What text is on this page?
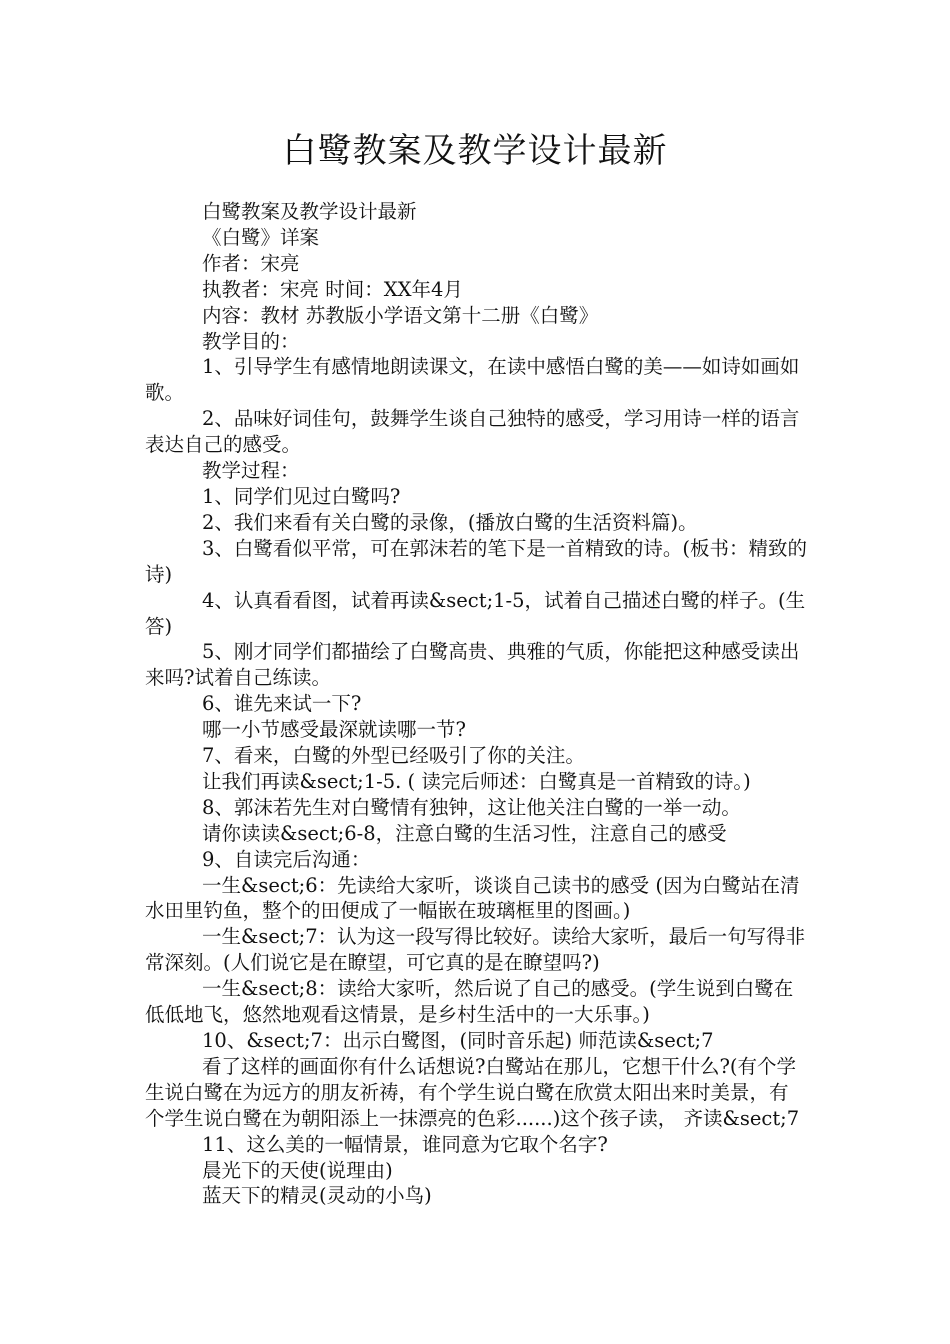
白鹭教案及教学设计最新

白鹭教案及教学设计最新

《白鹭》详案

作者：宋亮

执教者：宋亮 时间：XX年4月

内容：教材 苏教版小学语文第十二册《白鹭》

教学目的：

1、引导学生有感情地朗读课文，在读中感悟白鹭的美——如诗如画如歌。

2、品味好词佳句，鼓舞学生谈自己独特的感受，学习用诗一样的语言表达自己的感受。

教学过程：

1、同学们见过白鹭吗?

2、我们来看有关白鹭的录像，(播放白鹭的生活资料篇)。

3、白鹭看似平常，可在郭沫若的笔下是一首精致的诗。(板书：精致的诗)

4、认真看看图，试着再读&sect;1-5，试着自己描述白鹭的样子。(生答)

5、刚才同学们都描绘了白鹭高贵、典雅的气质，你能把这种感受读出来吗?试着自己练读。

6、谁先来试一下?

哪一小节感受最深就读哪一节?

7、看来，白鹭的外型已经吸引了你的关注。

让我们再读&sect;1-5. ( 读完后师述：白鹭真是一首精致的诗。)

8、郭沫若先生对白鹭情有独钟，这让他关注白鹭的一举一动。

请你读读&sect;6-8，注意白鹭的生活习性，注意自己的感受

9、自读完后沟通：

一生&sect;6：先读给大家听，谈谈自己读书的感受 (因为白鹭站在清水田里钓鱼，整个的田便成了一幅嵌在玻璃框里的图画。)

一生&sect;7：认为这一段写得比较好。读给大家听，最后一句写得非常深刻。(人们说它是在瞭望，可它真的是在瞭望吗?)

一生&sect;8：读给大家听，然后说了自己的感受。(学生说到白鹭在低低地飞，悠然地观看这情景，是乡村生活中的一大乐事。)

10、&sect;7：出示白鹭图，(同时音乐起) 师范读&sect;7

看了这样的画面你有什么话想说?白鹭站在那儿，它想干什么?(有个学生说白鹭在为远方的朋友祈祷，有个学生说白鹭在欣赏太阳出来时美景，有个学生说白鹭在为朝阳添上一抹漂亮的色彩......)这个孩子读， 齐读&sect;7

11、这么美的一幅情景，谁同意为它取个名字?

晨光下的天使(说理由)

蓝天下的精灵(灵动的小鸟)
